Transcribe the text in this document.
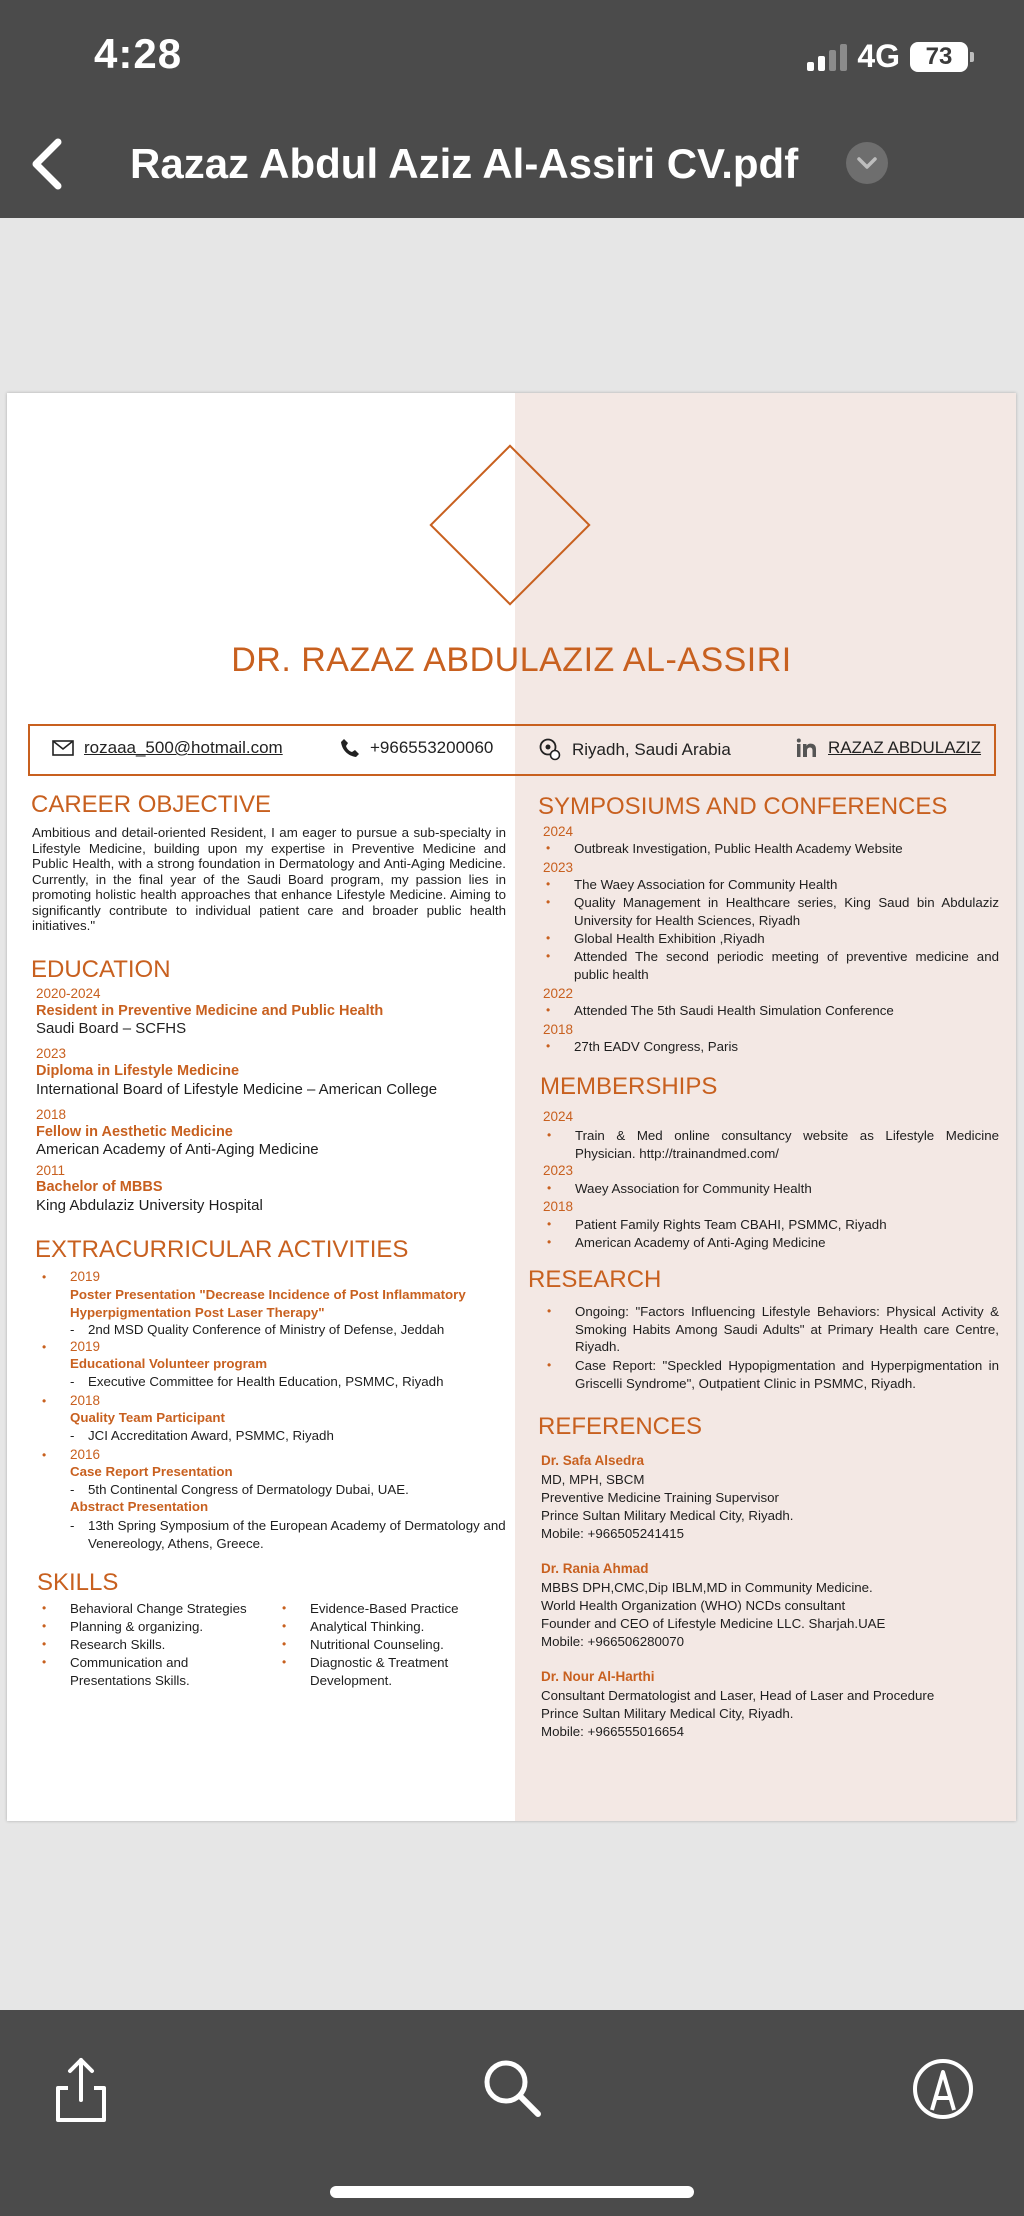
4:28	4G	73
Razaz Abdul Aziz Al-Assiri CV.pdf
DR. RAZAZ ABDULAZIZ AL-ASSIRI
rozaaa_500@hotmail.com	+966553200060	Riyadh, Saudi Arabia	RAZAZ ABDULAZIZ
CAREER OBJECTIVE
Ambitious and detail-oriented Resident, I am eager to pursue a sub-specialty in Lifestyle Medicine, building upon my expertise in Preventive Medicine and Public Health, with a strong foundation in Dermatology and Anti-Aging Medicine. Currently, in the final year of the Saudi Board program, my passion lies in promoting holistic health approaches that enhance Lifestyle Medicine. Aiming to significantly contribute to individual patient care and broader public health initiatives."
EDUCATION
2020-2024
Resident in Preventive Medicine and Public Health
Saudi Board – SCFHS
2023
Diploma in Lifestyle Medicine
International Board of Lifestyle Medicine – American College
2018
Fellow in Aesthetic Medicine
American Academy of Anti-Aging Medicine
2011
Bachelor of MBBS
King Abdulaziz University Hospital
EXTRACURRICULAR ACTIVITIES
2019
Poster Presentation "Decrease Incidence of Post Inflammatory Hyperpigmentation Post Laser Therapy"
- 2nd MSD Quality Conference of Ministry of Defense, Jeddah
2019
Educational Volunteer program
- Executive Committee for Health Education, PSMMC, Riyadh
2018
Quality Team Participant
- JCI Accreditation Award, PSMMC, Riyadh
2016
Case Report Presentation
- 5th Continental Congress of Dermatology Dubai, UAE.
Abstract Presentation
- 13th Spring Symposium of the European Academy of Dermatology and Venereology, Athens, Greece.
SKILLS
• Behavioral Change Strategies
• Planning & organizing.
• Research Skills.
• Communication and Presentations Skills.
• Evidence-Based Practice
• Analytical Thinking.
• Nutritional Counseling.
• Diagnostic & Treatment Development.
SYMPOSIUMS AND CONFERENCES
2024
• Outbreak Investigation, Public Health Academy Website
2023
• The Waey Association for Community Health
• Quality Management in Healthcare series, King Saud bin Abdulaziz University for Health Sciences, Riyadh
• Global Health Exhibition ,Riyadh
• Attended The second periodic meeting of preventive medicine and public health
2022
• Attended The 5th Saudi Health Simulation Conference
2018
• 27th EADV Congress, Paris
MEMBERSHIPS
2024
• Train & Med online consultancy website as Lifestyle Medicine Physician. http://trainandmed.com/
2023
• Waey Association for Community Health
2018
• Patient Family Rights Team CBAHI, PSMMC, Riyadh
• American Academy of Anti-Aging Medicine
RESEARCH
• Ongoing: "Factors Influencing Lifestyle Behaviors: Physical Activity & Smoking Habits Among Saudi Adults" at Primary Health care Centre, Riyadh.
• Case Report: "Speckled Hypopigmentation and Hyperpigmentation in Griscelli Syndrome", Outpatient Clinic in PSMMC, Riyadh.
REFERENCES
Dr. Safa Alsedra
MD, MPH, SBCM
Preventive Medicine Training Supervisor
Prince Sultan Military Medical City, Riyadh.
Mobile: +966505241415
Dr. Rania Ahmad
MBBS DPH,CMC,Dip IBLM,MD in Community Medicine.
World Health Organization (WHO) NCDs consultant
Founder and CEO of Lifestyle Medicine LLC. Sharjah.UAE
Mobile: +966506280070
Dr. Nour Al-Harthi
Consultant Dermatologist and Laser, Head of Laser and Procedure
Prince Sultan Military Medical City, Riyadh.
Mobile: +966555016654
